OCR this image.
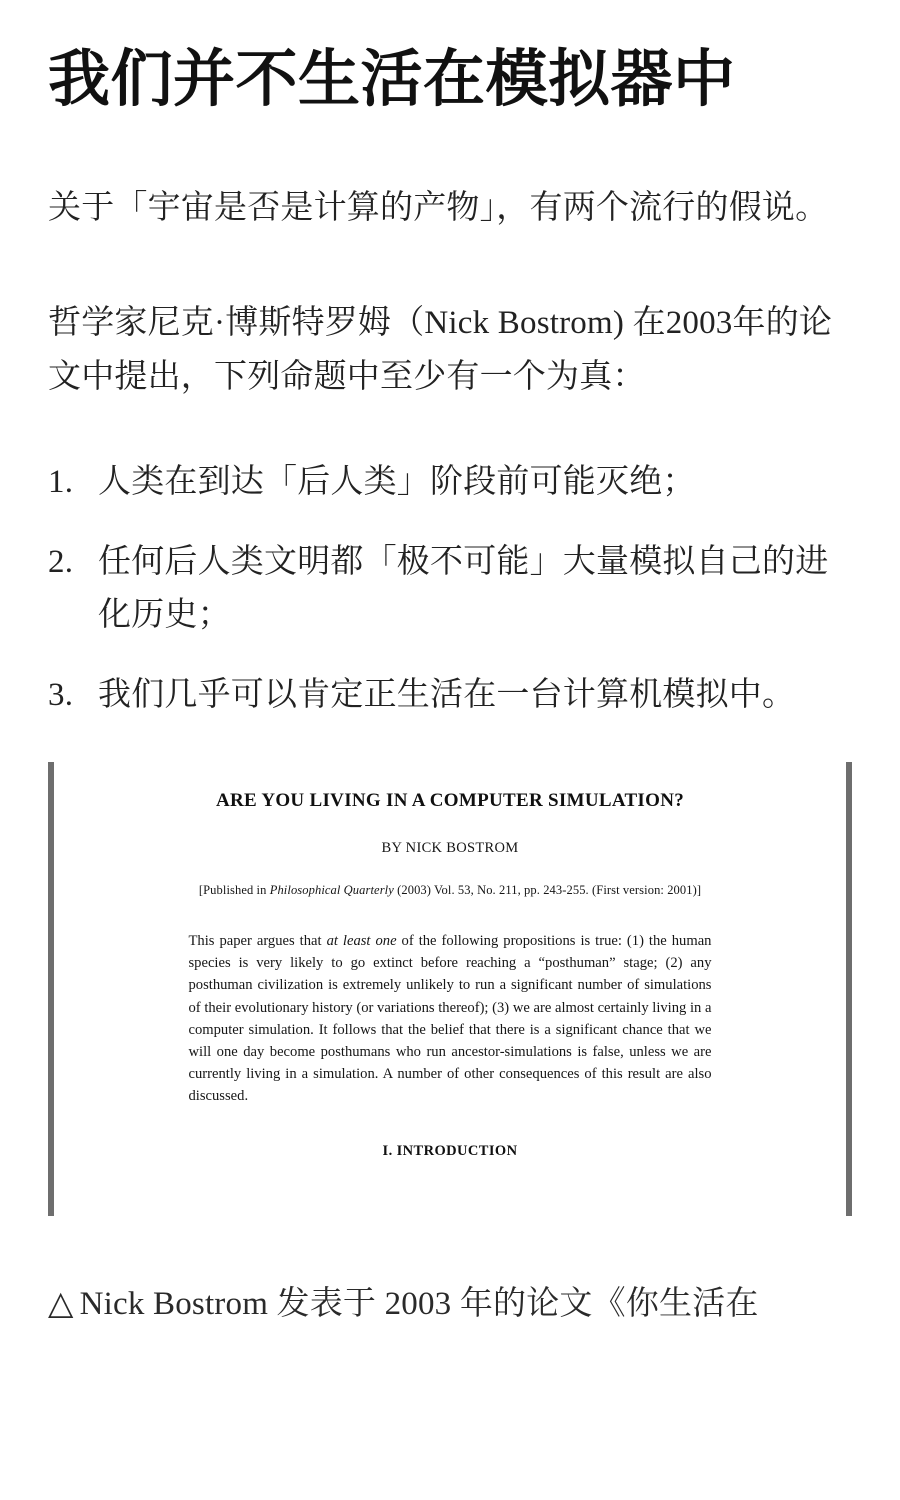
我们并不生活在模拟器中

关于「宇宙是否是计算的产物」，有两个流行的假说。

哲学家尼克·博斯特罗姆（Nick Bostrom) 在2003年的论文中提出，下列命题中至少有一个为真：

人类在到达「后人类」阶段前可能灭绝；
任何后人类文明都「极不可能」大量模拟自己的进化历史；
我们几乎可以肯定正生活在一台计算机模拟中。
ARE YOU LIVING IN A COMPUTER SIMULATION?
BY NICK BOSTROM
[Published in Philosophical Quarterly (2003) Vol. 53, No. 211, pp. 243-255. (First version: 2001)]
This paper argues that at least one of the following propositions is true: (1) the human species is very likely to go extinct before reaching a “posthuman” stage; (2) any posthuman civilization is extremely unlikely to run a significant number of simulations of their evolutionary history (or variations thereof); (3) we are almost certainly living in a computer simulation. It follows that the belief that there is a significant chance that we will one day become posthumans who run ancestor-simulations is false, unless we are currently living in a simulation. A number of other consequences of this result are also discussed.
I. INTRODUCTION

△ Nick Bostrom 发表于 2003 年的论文《你生活在
